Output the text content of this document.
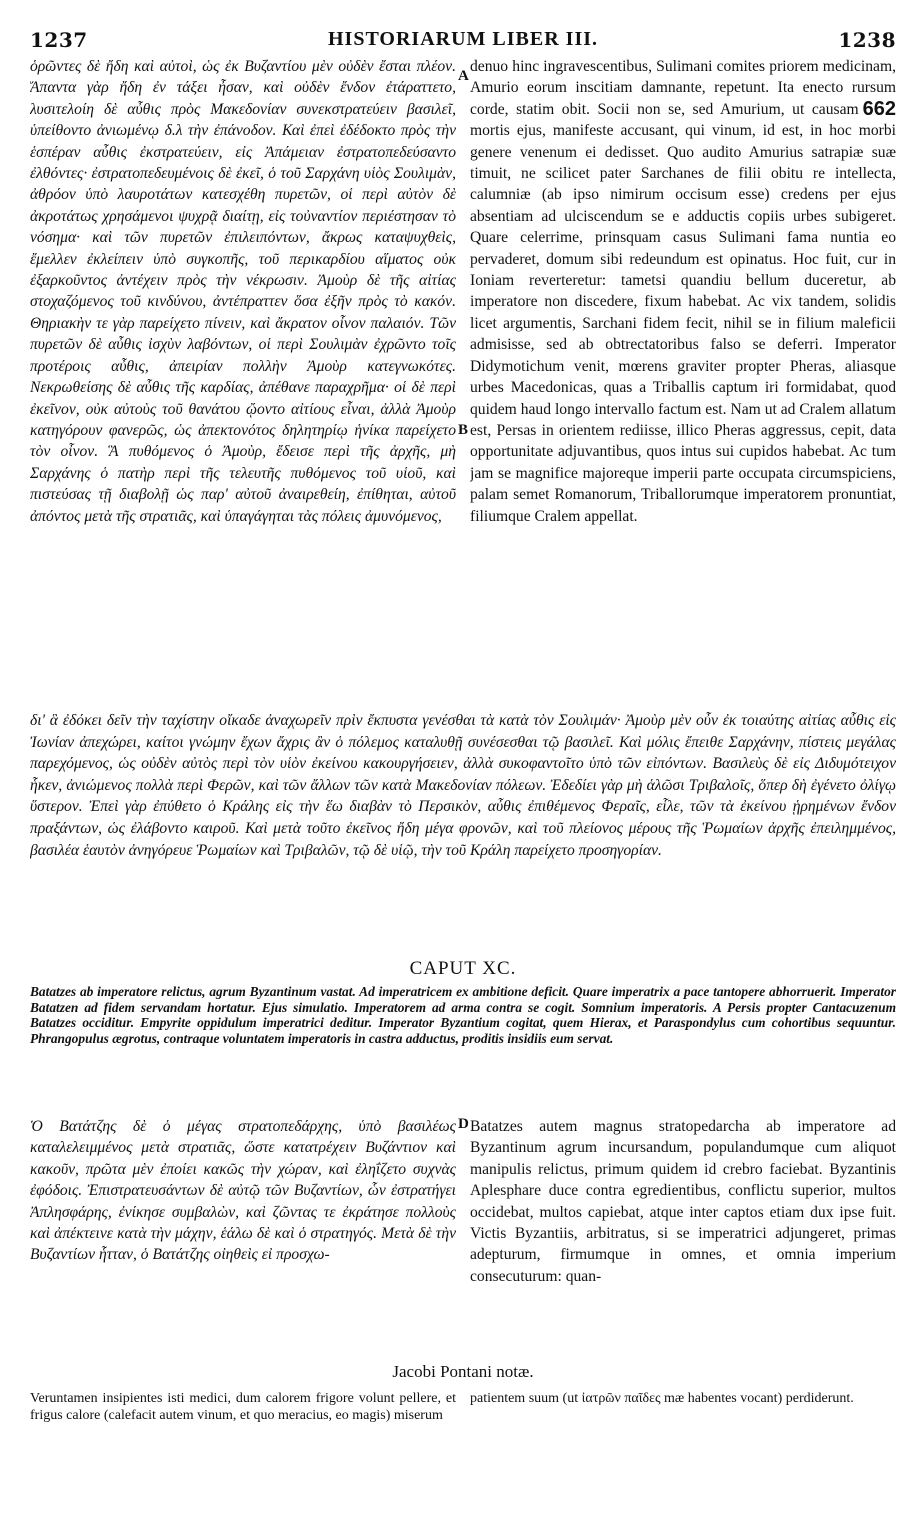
1237	HISTORIARUM LIBER III.	1238
ὁρῶντες δὲ ἤδη καὶ αὐτοὶ, ὡς ἐκ Βυζαντίου μὲν οὐδὲν ἔσται πλέον. Ἅπαντα γὰρ ἤδη ἐν τάξει ἦσαν, καὶ οὐδὲν ἔνδον ἐτάραττετο, λυσιτελοίη δὲ αὖθις πρὸς Μακεδονίαν συνεκστρατεύειν βασιλεῖ, ὑπείθοντο ἀνιωμένῳ δ.λ τὴν ἐπάνοδον. Καὶ ἐπεὶ ἐδέδοκτο πρὸς τὴν ἑσπέραν αὖθις ἐκστρατεύειν, εἰς Ἀπάμειαν ἐστρατοπεδεύσαντο ἐλθόντες· ἐστρατοπεδευμένοις δὲ ἐκεῖ, ὁ τοῦ Σαρχάνη υἱὸς Σουλιμὰν, ἀθρόον ὑπὸ λαυροτάτων κατεσχέθη πυρετῶν, οἱ περὶ αὐτὸν δὲ ἀκροτάτως χρησάμενοι ψυχρᾷ διαίτῃ, εἰς τοὐναντίον περιέστησαν τὸ νόσημα· καὶ τῶν πυρετῶν ἐπιλειπόντων, ἄκρως καταψυχθεὶς, ἔμελλεν ἐκλείπειν ὑπὸ συγκοπῆς, τοῦ περικαρδίου αἵματος οὐκ ἐξαρκοῦντος ἀντέχειν πρὸς τὴν νέκρωσιν. Ἀμοὺρ δὲ τῆς αἰτίας στοχαζόμενος τοῦ κινδύνου, ἀντέπραττεν ὅσα ἐξῆν πρὸς τὸ κακόν. Θηριακὴν τε γὰρ παρείχετο πίνειν, καὶ ἄκρατον οἶνον παλαιόν. Τῶν πυρετῶν δὲ αὖθις ἰσχὺν λαβόντων, οἱ περὶ Σουλιμὰν ἐχρῶντο τοῖς προτέροις αὖθις, ἀπειρίαν πολλὴν Ἀμοὺρ κατεγνωκότες. Νεκρωθείσης δὲ αὖθις τῆς καρδίας, ἀπέθανε παραχρῆμα· οἱ δὲ περὶ ἐκεῖνον, οὐκ αὐτοὺς τοῦ θανάτου ᾤοντο αἰτίους εἶναι, ἀλλὰ Ἀμοὺρ κατηγόρουν φανερῶς, ὡς ἀπεκτονότος δηλητηρίῳ ἡνίκα παρείχετο τὸν οἶνον. Ἃ πυθόμενος ὁ Ἀμοὺρ, ἔδεισε περὶ τῆς ἀρχῆς, μὴ Σαρχάνης ὁ πατὴρ περὶ τῆς τελευτῆς πυθόμενος τοῦ υἱοῦ, καὶ πιστεύσας τῇ διαβολῇ ὡς παρ' αὐτοῦ ἀναιρεθείη, ἐπίθηται, αὐτοῦ ἀπόντος μετὰ τῆς στρατιᾶς, καὶ ὑπαγάγηται τὰς πόλεις ἀμυνόμενος,
denuo hinc ingravescentibus, Sulimani comites priorem medicinam, Amurio eorum inscitiam damnante, repetunt. Ita enecto rursum corde, statim obit. Socii non se, sed Amurium, ut causam 662
mortis ejus, manifeste accusant, qui vinum, id est, in hoc morbi genere venenum ei dedisset. Quo audito Amurius satrapiæ suæ timuit, ne scilicet pater Sarchanes de filii obitu re intellecta, calumniæ (ab ipso nimirum occisum esse) credens per ejus absentiam ad ulciscendum se e adductis copiis urbes subigeret. Quare celerrime, prinsquam casus Sulimani fama nuntia eo pervaderet, domum sibi redeundum est opinatus. Hoc fuit, cur in Ioniam reverteretur: tametsi quandiu bellum duceretur, ab imperatore non discedere, fixum habebat. Ac vix tandem, solidis licet argumentis, Sarchani fidem fecit, nihil se in filium maleficii admisisse, sed ab obtrectatoribus falso se deferri. Imperator Didymotichum venit, mœrens graviter propter Pheras, aliasque urbes Macedonicas, quas a Triballis captum iri formidabat, quod quidem haud longo intervallo factum est. Nam ut ad Cralem allatum est, Persas in orientem rediisse, illico Pheras aggressus, cepit, data opportunitate adjuvantibus, quos intus sui cupidos habebat. Ac tum jam se magnifice majoreque imperii parte occupata circumspiciens, palam semet Romanorum, Triballorumque imperatorem pronuntiat, filiumque Cralem appellat.
A
B
δι' ἃ ἐδόκει δεῖν τὴν ταχίστην οἴκαδε ἀναχωρεῖν πρὶν ἔκπυστα γενέσθαι τὰ κατὰ τὸν Σουλιμάν· Ἀμοὺρ μὲν οὖν ἐκ τοιαύτης αἰτίας αὖθις εἰς Ἰωνίαν ἀπεχώρει, καίτοι γνώμην ἔχων ἄχρις ἂν ὁ πόλεμος καταλυθῇ συνέσεσθαι τῷ βασιλεῖ. Καὶ μόλις ἔπειθε Σαρχάνην, πίστεις μεγάλας παρεχόμενος, ὡς οὐδὲν αὐτὸς περὶ τὸν υἱὸν ἐκείνου κακουργήσειεν, ἀλλὰ συκοφαντοῖτο ὑπὸ τῶν εἰπόντων. Βασιλεὺς δὲ εἰς Διδυμότειχον ἧκεν, ἀνιώμενος πολλὰ περὶ Φερῶν, καὶ τῶν ἄλλων τῶν κατὰ Μακεδονίαν πόλεων. Ἐδεδίει γὰρ μὴ ἁλῶσι Τριβαλοῖς, ὅπερ δὴ ἐγένετο ὀλίγῳ ὕστερον. Ἐπεὶ γὰρ ἐπύθετο ὁ Κράλης εἰς τὴν ἕω διαβὰν τὸ Περσικὸν, αὖθις ἐπιθέμενος Φεραῖς, εἷλε, τῶν τὰ ἐκείνου ᾑρημένων ἔνδον πραξάντων, ὡς ἐλάβοντο καιροῦ. Καὶ μετὰ τοῦτο ἐκεῖνος ἤδη μέγα φρονῶν, καὶ τοῦ πλείονος μέρους τῆς Ῥωμαίων ἀρχῆς ἐπειλημμένος, βασιλέα ἑαυτὸν ἀνηγόρευε Ῥωμαίων καὶ Τριβαλῶν, τῷ δὲ υἱῷ, τὴν τοῦ Κράλη παρείχετο προσηγορίαν.
CAPUT XC.
Batatzes ab imperatore relictus, agrum Byzantinum vastat. Ad imperatricem ex ambitione deficit. Quare imperatrix a pace tantopere abhorruerit. Imperator Batatzen ad fidem servandam hortatur. Ejus simulatio. Imperatorem ad arma contra se cogit. Somnium imperatoris. A Persis propter Cantacuzenum Batatzes occiditur. Empyrite oppidulum imperatrici deditur. Imperator Byzantium cogitat, quem Hierax, et Paraspondylus cum cohortibus sequuntur. Phrangopulus ægrotus, contraque voluntatem imperatoris in castra adductus, proditis insidiis eum servat.
Ὁ Βατάτζης δὲ ὁ μέγας στρατοπεδάρχης, ὑπὸ βασιλέως καταλελειμμένος μετὰ στρατιᾶς, ὥστε κατατρέχειν Βυζάντιον καὶ κακοῦν, πρῶτα μὲν ἐποίει κακῶς τὴν χώραν, καὶ ἐληΐζετο συχνὰς ἐφόδοις. Ἐπιστρατευσάντων δὲ αὐτῷ τῶν Βυζαντίων, ὧν ἐστρατήγει Ἀπλησφάρης, ἐνίκησε συμβαλὼν, καὶ ζῶντας τε ἐκράτησε πολλοὺς καὶ ἀπέκτεινε κατὰ τὴν μάχην, ἑάλω δὲ καὶ ὁ στρατηγός. Μετὰ δὲ τὴν Βυζαντίων ἧτταν, ὁ Βατάτζης οἰηθεὶς εἰ προσχω-
Batatzes autem magnus stratopedarcha ab imperatore ad Byzantinum agrum incursandum, populandumque cum aliquot manipulis relictus, primum quidem id crebro faciebat. Byzantinis Aplesphare duce contra egredientibus, conflictu superior, multos occidebat, multos capiebat, atque inter captos etiam dux ipse fuit. Victis Byzantiis, arbitratus, si se imperatrici adjungeret, primas adepturum, firmumque in omnes, et omnia imperium consecuturum: quan-
D
Jacobi Pontani notæ.
Veruntamen insipientes isti medici, dum calorem frigore volunt pellere, et frigus calore (calefacit autem vinum, et quo meracius, eo magis) miserum
patientem suum (ut ἰατρῶν παῖδες mæ habentes vocant) perdiderunt.
